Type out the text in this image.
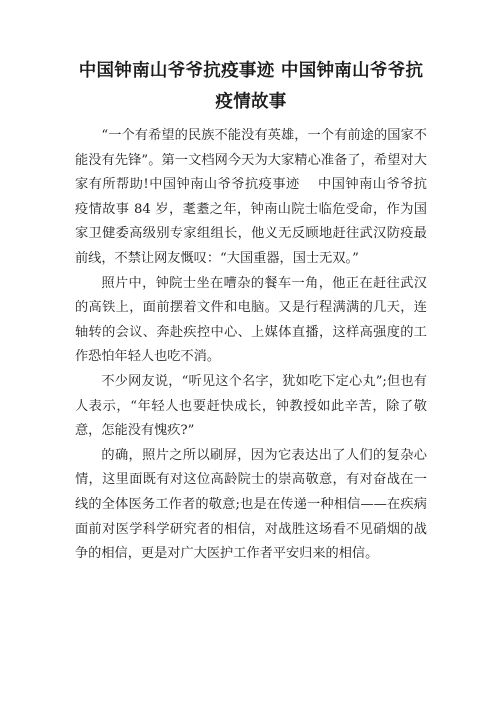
中国钟南山爷爷抗疫事迹 中国钟南山爷爷抗
疫情故事

“一个有希望的民族不能没有英雄，一个有前途的国家不能没有先锋”。第一文档网今天为大家精心准备了，希望对大家有所帮助!中国钟南山爷爷抗疫事迹　 中国钟南山爷爷抗疫情故事 84 岁，耄耋之年，钟南山院士临危受命，作为国家卫健委高级别专家组组长，他义无反顾地赶往武汉防疫最前线，不禁让网友慨叹：“大国重器，国士无双。”

照片中，钟院士坐在嘈杂的餐车一角，他正在赶往武汉的高铁上，面前摆着文件和电脑。又是行程满满的几天，连轴转的会议、奔赴疾控中心、上媒体直播，这样高强度的工作恐怕年轻人也吃不消。

不少网友说，“听见这个名字，犹如吃下定心丸”;但也有人表示，“年轻人也要赶快成长，钟教授如此辛苦，除了敬意，怎能没有愧疚?”

的确，照片之所以刷屏，因为它表达出了人们的复杂心情，这里面既有对这位高龄院士的崇高敬意，有对奋战在一线的全体医务工作者的敬意;也是在传递一种相信——在疾病面前对医学科学研究者的相信，对战胜这场看不见硝烟的战争的相信，更是对广大医护工作者平安归来的相信。
